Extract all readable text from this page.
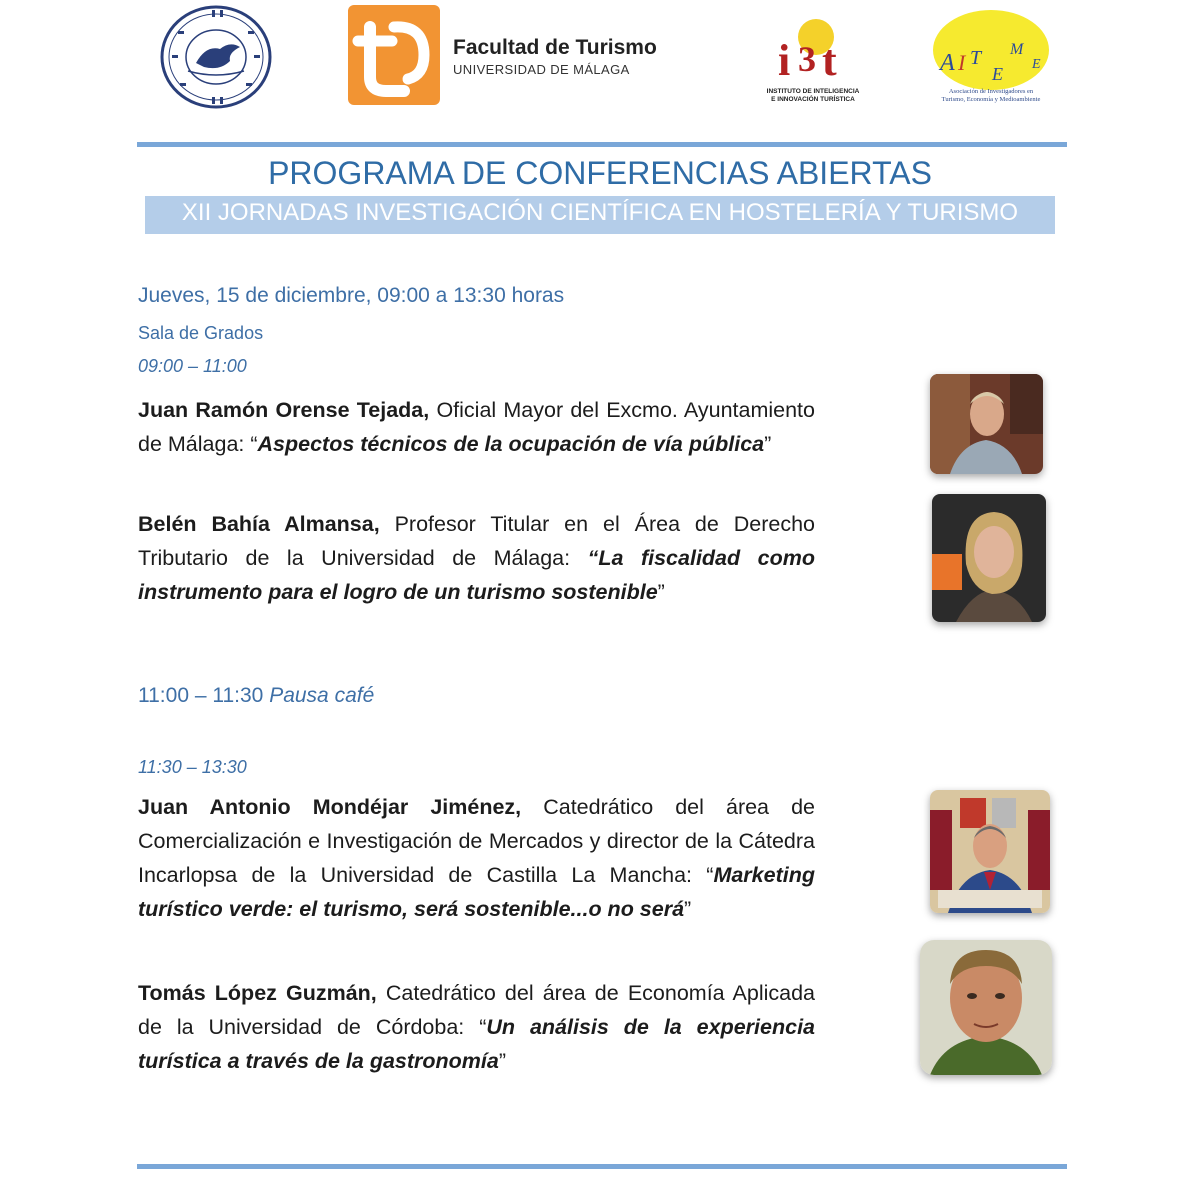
Facultad de Turismo
UNIVERSIDAD DE MÁLAGA	i 3 t
INSTITUTO DE INTELIGENCIA
E INNOVACIÓN TURÍSTICA
A I T
E
M
E
Asociación de Investigadores en
Turismo, Economía y Medioambiente
PROGRAMA DE CONFERENCIAS ABIERTAS
XII JORNADAS INVESTIGACIÓN CIENTÍFICA EN HOSTELERÍA Y TURISMO
Jueves, 15 de diciembre, 09:00 a 13:30 horas
Sala de Grados
09:00 – 11:00
Juan Ramón Orense Tejada, Oficial Mayor del Excmo. Ayuntamiento de Málaga: “Aspectos técnicos de la ocupación de vía pública”
Belén Bahía Almansa, Profesor Titular en el Área de Derecho Tributario de la Universidad de Málaga: “La fiscalidad como instrumento para el logro de un turismo sostenible”
11:00 – 11:30 Pausa café
11:30 – 13:30
Juan Antonio Mondéjar Jiménez, Catedrático del área de Comercialización e Investigación de Mercados y director de la Cátedra Incarlopsa de la Universidad de Castilla La Mancha: “Marketing turístico verde: el turismo, será sostenible...o no será”
Tomás López Guzmán, Catedrático del área de Economía Aplicada de la Universidad de Córdoba: “Un análisis de la experiencia turística a través de la gastronomía”
